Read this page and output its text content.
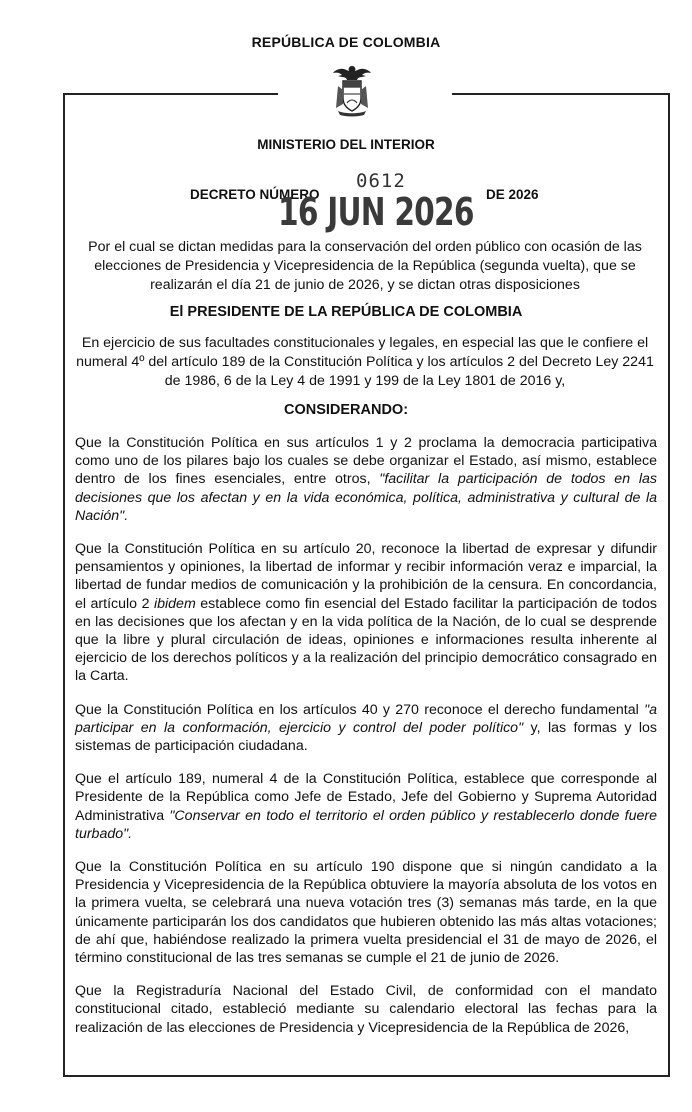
REPÚBLICA DE COLOMBIA
MINISTERIO DEL INTERIOR
DECRETO NÚMERO
0612
DE 2026
16 JUN 2026
Por el cual se dictan medidas para la conservación del orden público con ocasión de las elecciones de Presidencia y Vicepresidencia de la República (segunda vuelta), que se realizarán el día 21 de junio de 2026, y se dictan otras disposiciones
El PRESIDENTE DE LA REPÚBLICA DE COLOMBIA
En ejercicio de sus facultades constitucionales y legales, en especial las que le confiere el numeral 4º del artículo 189 de la Constitución Política y los artículos 2 del Decreto Ley 2241 de 1986, 6 de la Ley 4 de 1991 y 199 de la Ley 1801 de 2016 y,
CONSIDERANDO:

Que la Constitución Política en sus artículos 1 y 2 proclama la democracia participativa como uno de los pilares bajo los cuales se debe organizar el Estado, así mismo, establece dentro de los fines esenciales, entre otros, "facilitar la participación de todos en las decisiones que los afectan y en la vida económica, política, administrativa y cultural de la Nación".

Que la Constitución Política en su artículo 20, reconoce la libertad de expresar y difundir pensamientos y opiniones, la libertad de informar y recibir información veraz e imparcial, la libertad de fundar medios de comunicación y la prohibición de la censura. En concordancia, el artículo 2 ibidem establece como fin esencial del Estado facilitar la participación de todos en las decisiones que los afectan y en la vida política de la Nación, de lo cual se desprende que la libre y plural circulación de ideas, opiniones e informaciones resulta inherente al ejercicio de los derechos políticos y a la realización del principio democrático consagrado en la Carta.

Que la Constitución Política en los artículos 40 y 270 reconoce el derecho fundamental "a participar en la conformación, ejercicio y control del poder político" y, las formas y los sistemas de participación ciudadana.

Que el artículo 189, numeral 4 de la Constitución Política, establece que corresponde al Presidente de la República como Jefe de Estado, Jefe del Gobierno y Suprema Autoridad Administrativa "Conservar en todo el territorio el orden público y restablecerlo donde fuere turbado".

Que la Constitución Política en su artículo 190 dispone que si ningún candidato a la Presidencia y Vicepresidencia de la República obtuviere la mayoría absoluta de los votos en la primera vuelta, se celebrará una nueva votación tres (3) semanas más tarde, en la que únicamente participarán los dos candidatos que hubieren obtenido las más altas votaciones; de ahí que, habiéndose realizado la primera vuelta presidencial el 31 de mayo de 2026, el término constitucional de las tres semanas se cumple el 21 de junio de 2026.

Que la Registraduría Nacional del Estado Civil, de conformidad con el mandato constitucional citado, estableció mediante su calendario electoral las fechas para la realización de las elecciones de Presidencia y Vicepresidencia de la República de 2026,
